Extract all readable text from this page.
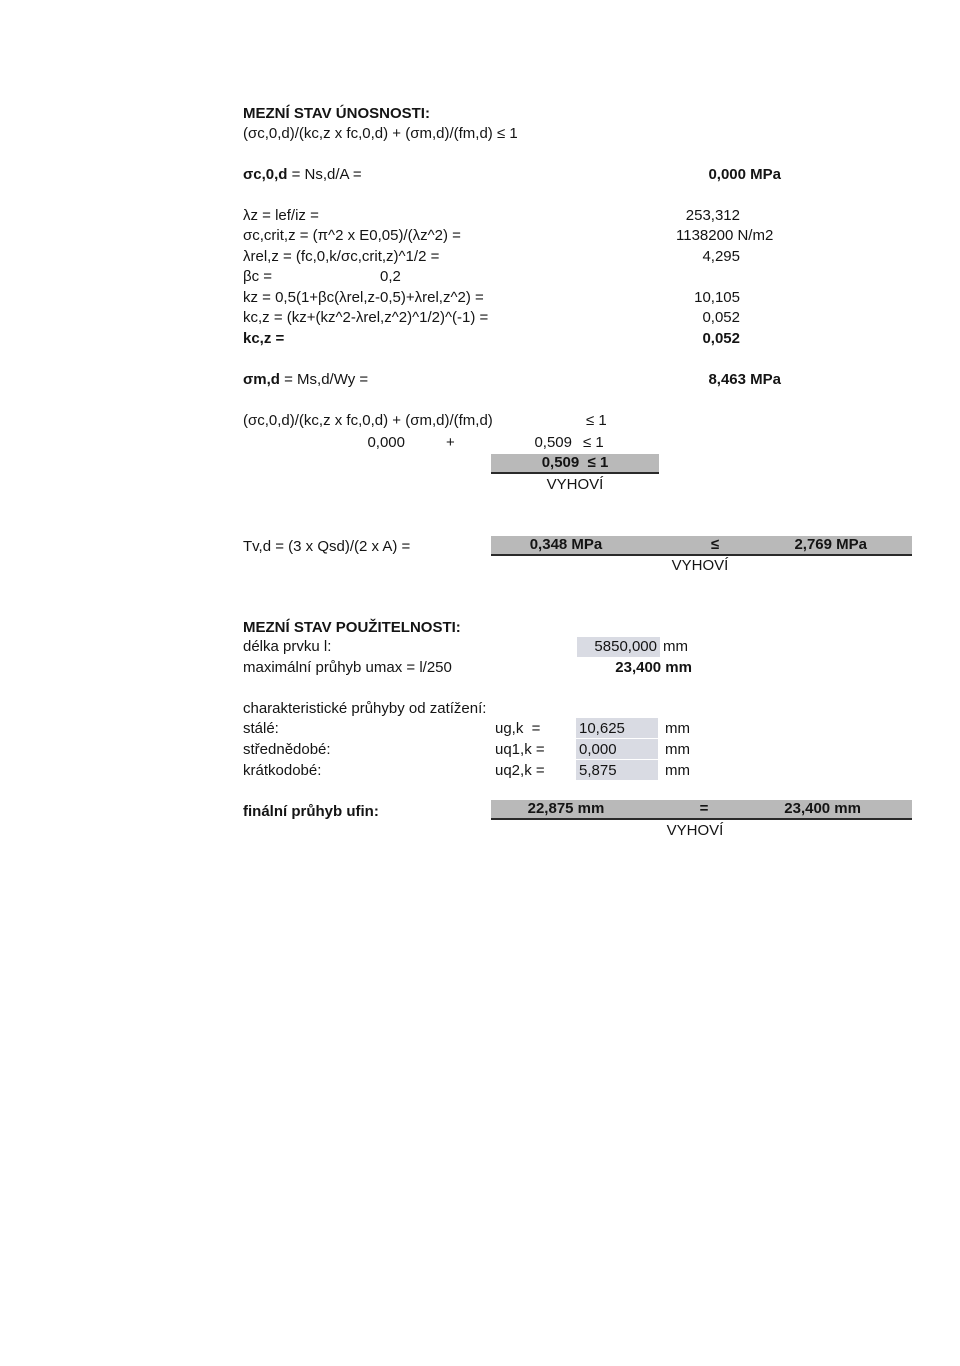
MEZNÍ STAV ÚNOSNOSTI:
(σc,0,d)/(kc,z x fc,0,d) + (σm,d)/(fm,d) ≤ 1
σc,0,d = Ns,d/A =	0,000 MPa
λz = lef/iz =	253,312
σc,crit,z = (π^2 x E0,05)/(λz^2) =	1138200 N/m2
λrel,z = (fc,0,k/σc,crit,z)^1/2 =	4,295
βc =	0,2
kz = 0,5(1+βc(λrel,z-0,5)+λrel,z^2) =	10,105
kc,z = (kz+(kz^2-λrel,z^2)^1/2)^(-1) =	0,052
kc,z =	0,052
σm,d = Ms,d/Wy =	8,463 MPa
(σc,0,d)/(kc,z x fc,0,d) + (σm,d)/(fm,d)	≤ 1
0,000	+	0,509 ≤ 1
0,509  ≤ 1
VYHOVÍ
Tv,d = (3 x Qsd)/(2 x A) =	0,348 MPa	≤	2,769 MPa
VYHOVÍ
MEZNÍ STAV POUŽITELNOSTI:
délka prvku l:	5850,000 mm
maximální průhyb umax = l/250	23,400 mm
charakteristické průhyby od zatížení:
stálé:	ug,k  =	10,625	mm
střednědobé:	uq1,k = 0,000	mm
krátkodobé:	uq2,k = 5,875	mm
finální průhyb ufin:	22,875 mm	=	23,400 mm
VYHOVÍ
